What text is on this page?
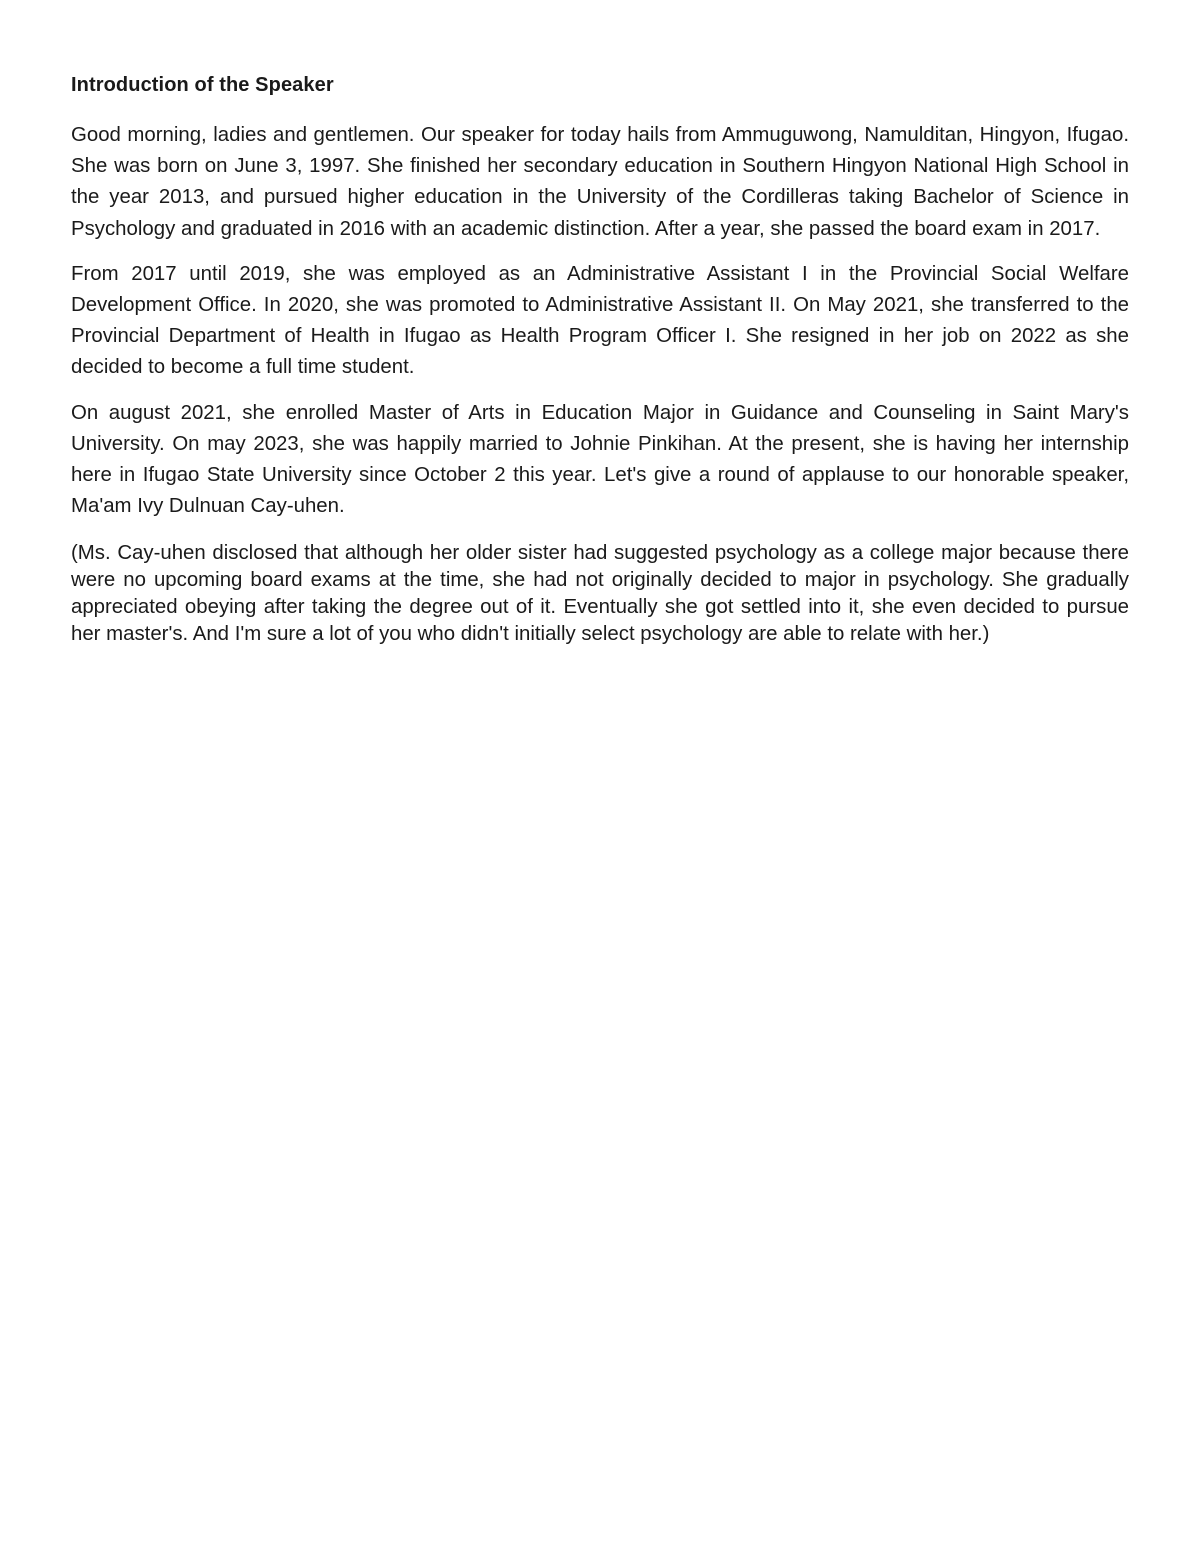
Introduction of the Speaker

Good morning, ladies and gentlemen. Our speaker for today hails from Ammuguwong, Namulditan, Hingyon, Ifugao. She was born on June 3, 1997. She finished her secondary education in Southern Hingyon National High School in the year 2013, and pursued higher education in the University of the Cordilleras taking Bachelor of Science in Psychology and graduated in 2016 with an academic distinction. After a year, she passed the board exam in 2017.

From 2017 until 2019, she was employed as an Administrative Assistant I in the Provincial Social Welfare Development Office. In 2020, she was promoted to Administrative Assistant II. On May 2021, she transferred to the Provincial Department of Health in Ifugao as Health Program Officer I. She resigned in her job on 2022 as she decided to become a full time student.

On august 2021, she enrolled Master of Arts in Education Major in Guidance and Counseling in Saint Mary's University. On may 2023, she was happily married to Johnie Pinkihan. At the present, she is having her internship here in Ifugao State University since October 2 this year. Let's give a round of applause to our honorable speaker, Ma'am Ivy Dulnuan Cay-uhen.

(Ms. Cay-uhen disclosed that although her older sister had suggested psychology as a college major because there were no upcoming board exams at the time, she had not originally decided to major in psychology. She gradually appreciated obeying after taking the degree out of it. Eventually she got settled into it, she even decided to pursue her master's. And I'm sure a lot of you who didn't initially select psychology are able to relate with her.)
